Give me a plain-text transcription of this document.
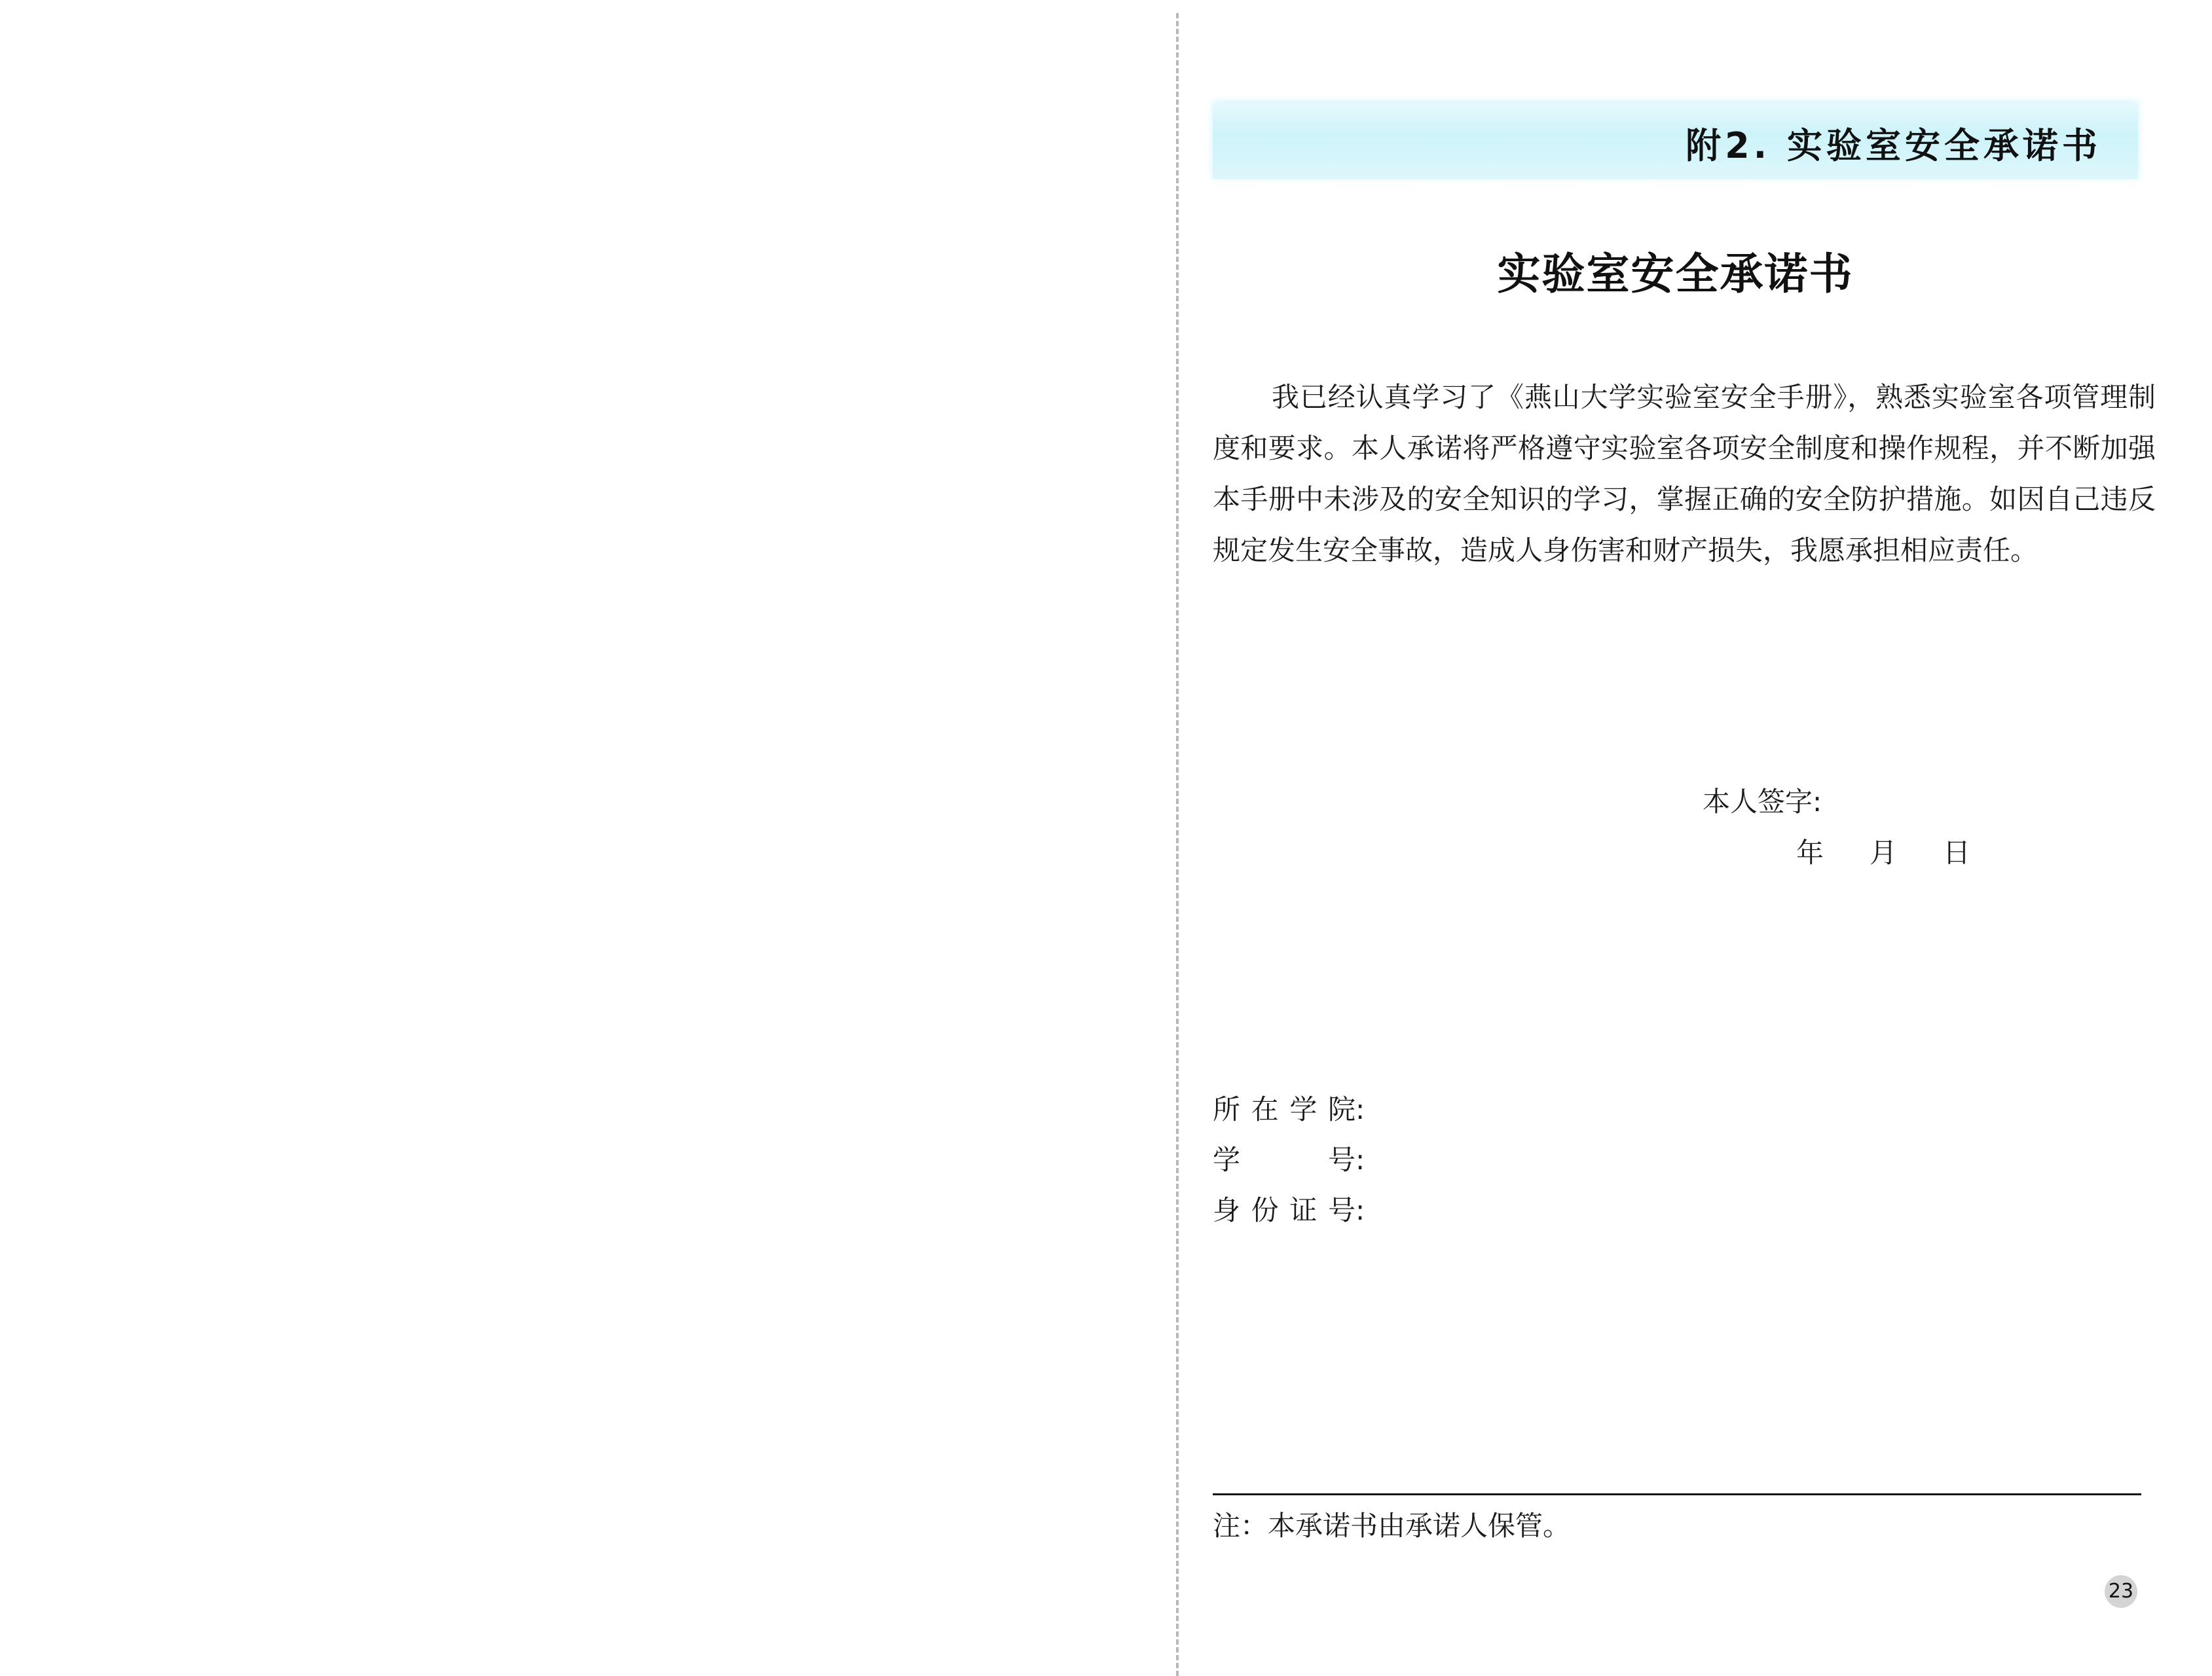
附2. 实验室安全承诺书
实验室安全承诺书
我已经认真学习了《燕山大学实验室安全手册》，熟悉实验室各项管理制度和要求。本人承诺将严格遵守实验室各项安全制度和操作规程，并不断加强本手册中未涉及的安全知识的学习，掌握正确的安全防护措施。如因自己违反规定发生安全事故，造成人身伤害和财产损失，我愿承担相应责任。
本人签字:
年 月 日
所在学院:
学号:
身份证号:
注：本承诺书由承诺人保管。
23
